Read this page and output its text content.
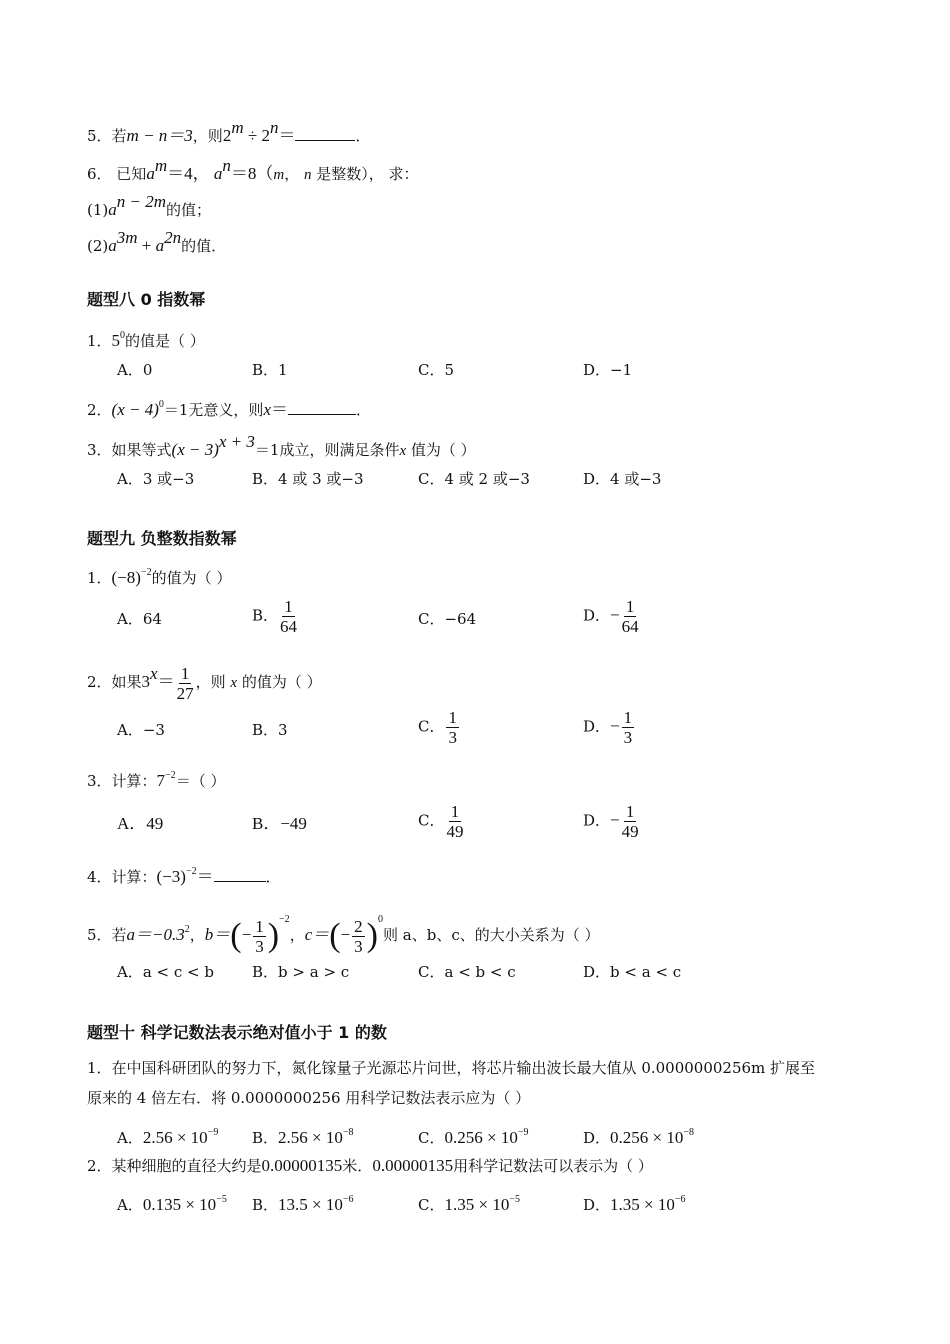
5．若m − n＝3，则$2^m \div 2^n=$	．
6． 已知$a^m=4$， $a^n=8(m$， n 是整数）， 求：
$(1)a^{n - 2m}$的值；
$(2)a^{3m} + a^{2n}$的值．
题型八 0 指数幂
1．$5^0$的值是（ ）
A．0	B．1	C．5	D．−1
2．$(x - 4)^0=1$无意义，则x＝	．
3．如果等式$(x - 3)^{x + 3}=1$成立，则满足条件x 值为（ ）
A．3 或−3	B．4 或 3 或−3	C．4 或 2 或−3	D．4 或−3
题型九 负整数指数幂
1．$(-8)^{-2}$的值为（ ）
A．64	B． $\frac{1}{64}$	C．−64	D．− $\frac{1}{64}$
2．如果$3^x= \frac{1}{27}$ ，则 x 的值为（ ）
A．−3	B．3	C． $\frac{1}{3}$	D．− $\frac{1}{3}$
3．计算：$7^{-2}=$（ ）
A．49	B．−49	C． $\frac{1}{49}$	D．− $\frac{1}{49}$
4．计算：$(-3)^{-2}=$	．
5．若$a=-0.3^2$，$b=(- \frac{1}{3} )^{-2}$，$c=(- \frac{2}{3} )^0$则 a、b、c、的大小关系为（ ）
A．a < c < b	B．b > a > c	C．a < b < c	D．b < a < c
题型十 科学记数法表示绝对值小于 1 的数
1．在中国科研团队的努力下，氮化镓量子光源芯片问世，将芯片输出波长最大值从 0.0000000256m 扩展至
原来的 4 倍左右．将 0.0000000256 用科学记数法表示应为（ ）
A．$2.56 \times 10^{-9}$ B．$2.56 \times 10^{-8}$	C．$0.256 \times 10^{-9}$	D．$0.256 \times 10^{-8}$
2．某种细胞的直径大约是0.00000135米．0.00000135用科学记数法可以表示为（ ）
A．$0.135 \times 10^{-5}$ B．$13.5 \times 10^{-6}$	C．$1.35 \times 10^{-5}$	D．$1.35 \times 10^{-6}$
